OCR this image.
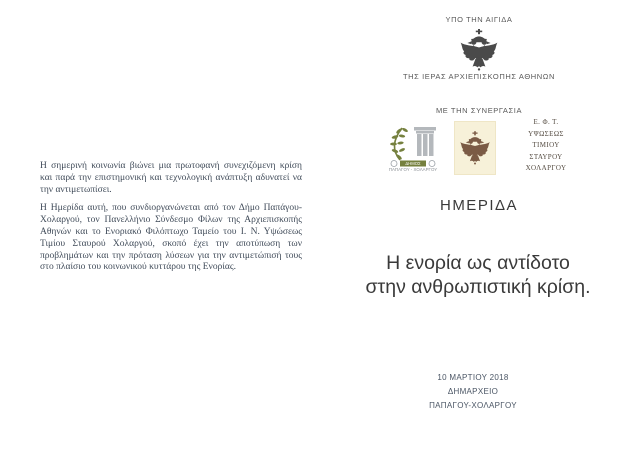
Η σημερινή κοινωνία βιώνει μια πρωτοφανή συνεχιζόμενη κρίση και παρά την επιστημονική και τεχνολογική ανάπτυξη αδυνατεί να την αντιμετωπίσει.

Η Ημερίδα αυτή, που συνδιοργανώνεται από τον Δήμο Παπάγου-Χολαργού, τον Πανελλήνιο Σύνδεσμο Φίλων της Αρχιεπισκοπής Αθηνών και το Ενοριακό Φιλόπτωχο Ταμείο του Ι. Ν. Υψώσεως Τιμίου Σταυρού Χολαργού, σκοπό έχει την αποτύπωση των προβλημάτων και την πρόταση λύσεων για την αντιμετώπισή τους στο πλαίσιο του κοινωνικού κυττάρου της Ενορίας.

ΥΠΟ ΤΗΝ ΑΙΓΙΔΑ
ΤΗΣ ΙΕΡΑΣ ΑΡΧΙΕΠΙΣΚΟΠΗΣ ΑΘΗΝΩΝ
ΜΕ ΤΗΝ ΣΥΝΕΡΓΑΣΙΑ
ΔΗΜΟΣ
ΠΑΠΑΓΟΥ - ΧΟΛΑΡΓΟΥ
Ε. Φ. Τ.
ΥΨΩΣΕΩΣ
ΤΙΜΙΟΥ
ΣΤΑΥΡΟΥ
ΧΟΛΑΡΓΟΥ
ΗΜΕΡΙΔΑ
Η ενορία ως αντίδοτο
στην ανθρωπιστική κρίση.
10 ΜΑΡΤΙΟΥ 2018
ΔΗΜΑΡΧΕΙΟ
ΠΑΠΑΓΟΥ-ΧΟΛΑΡΓΟΥ
